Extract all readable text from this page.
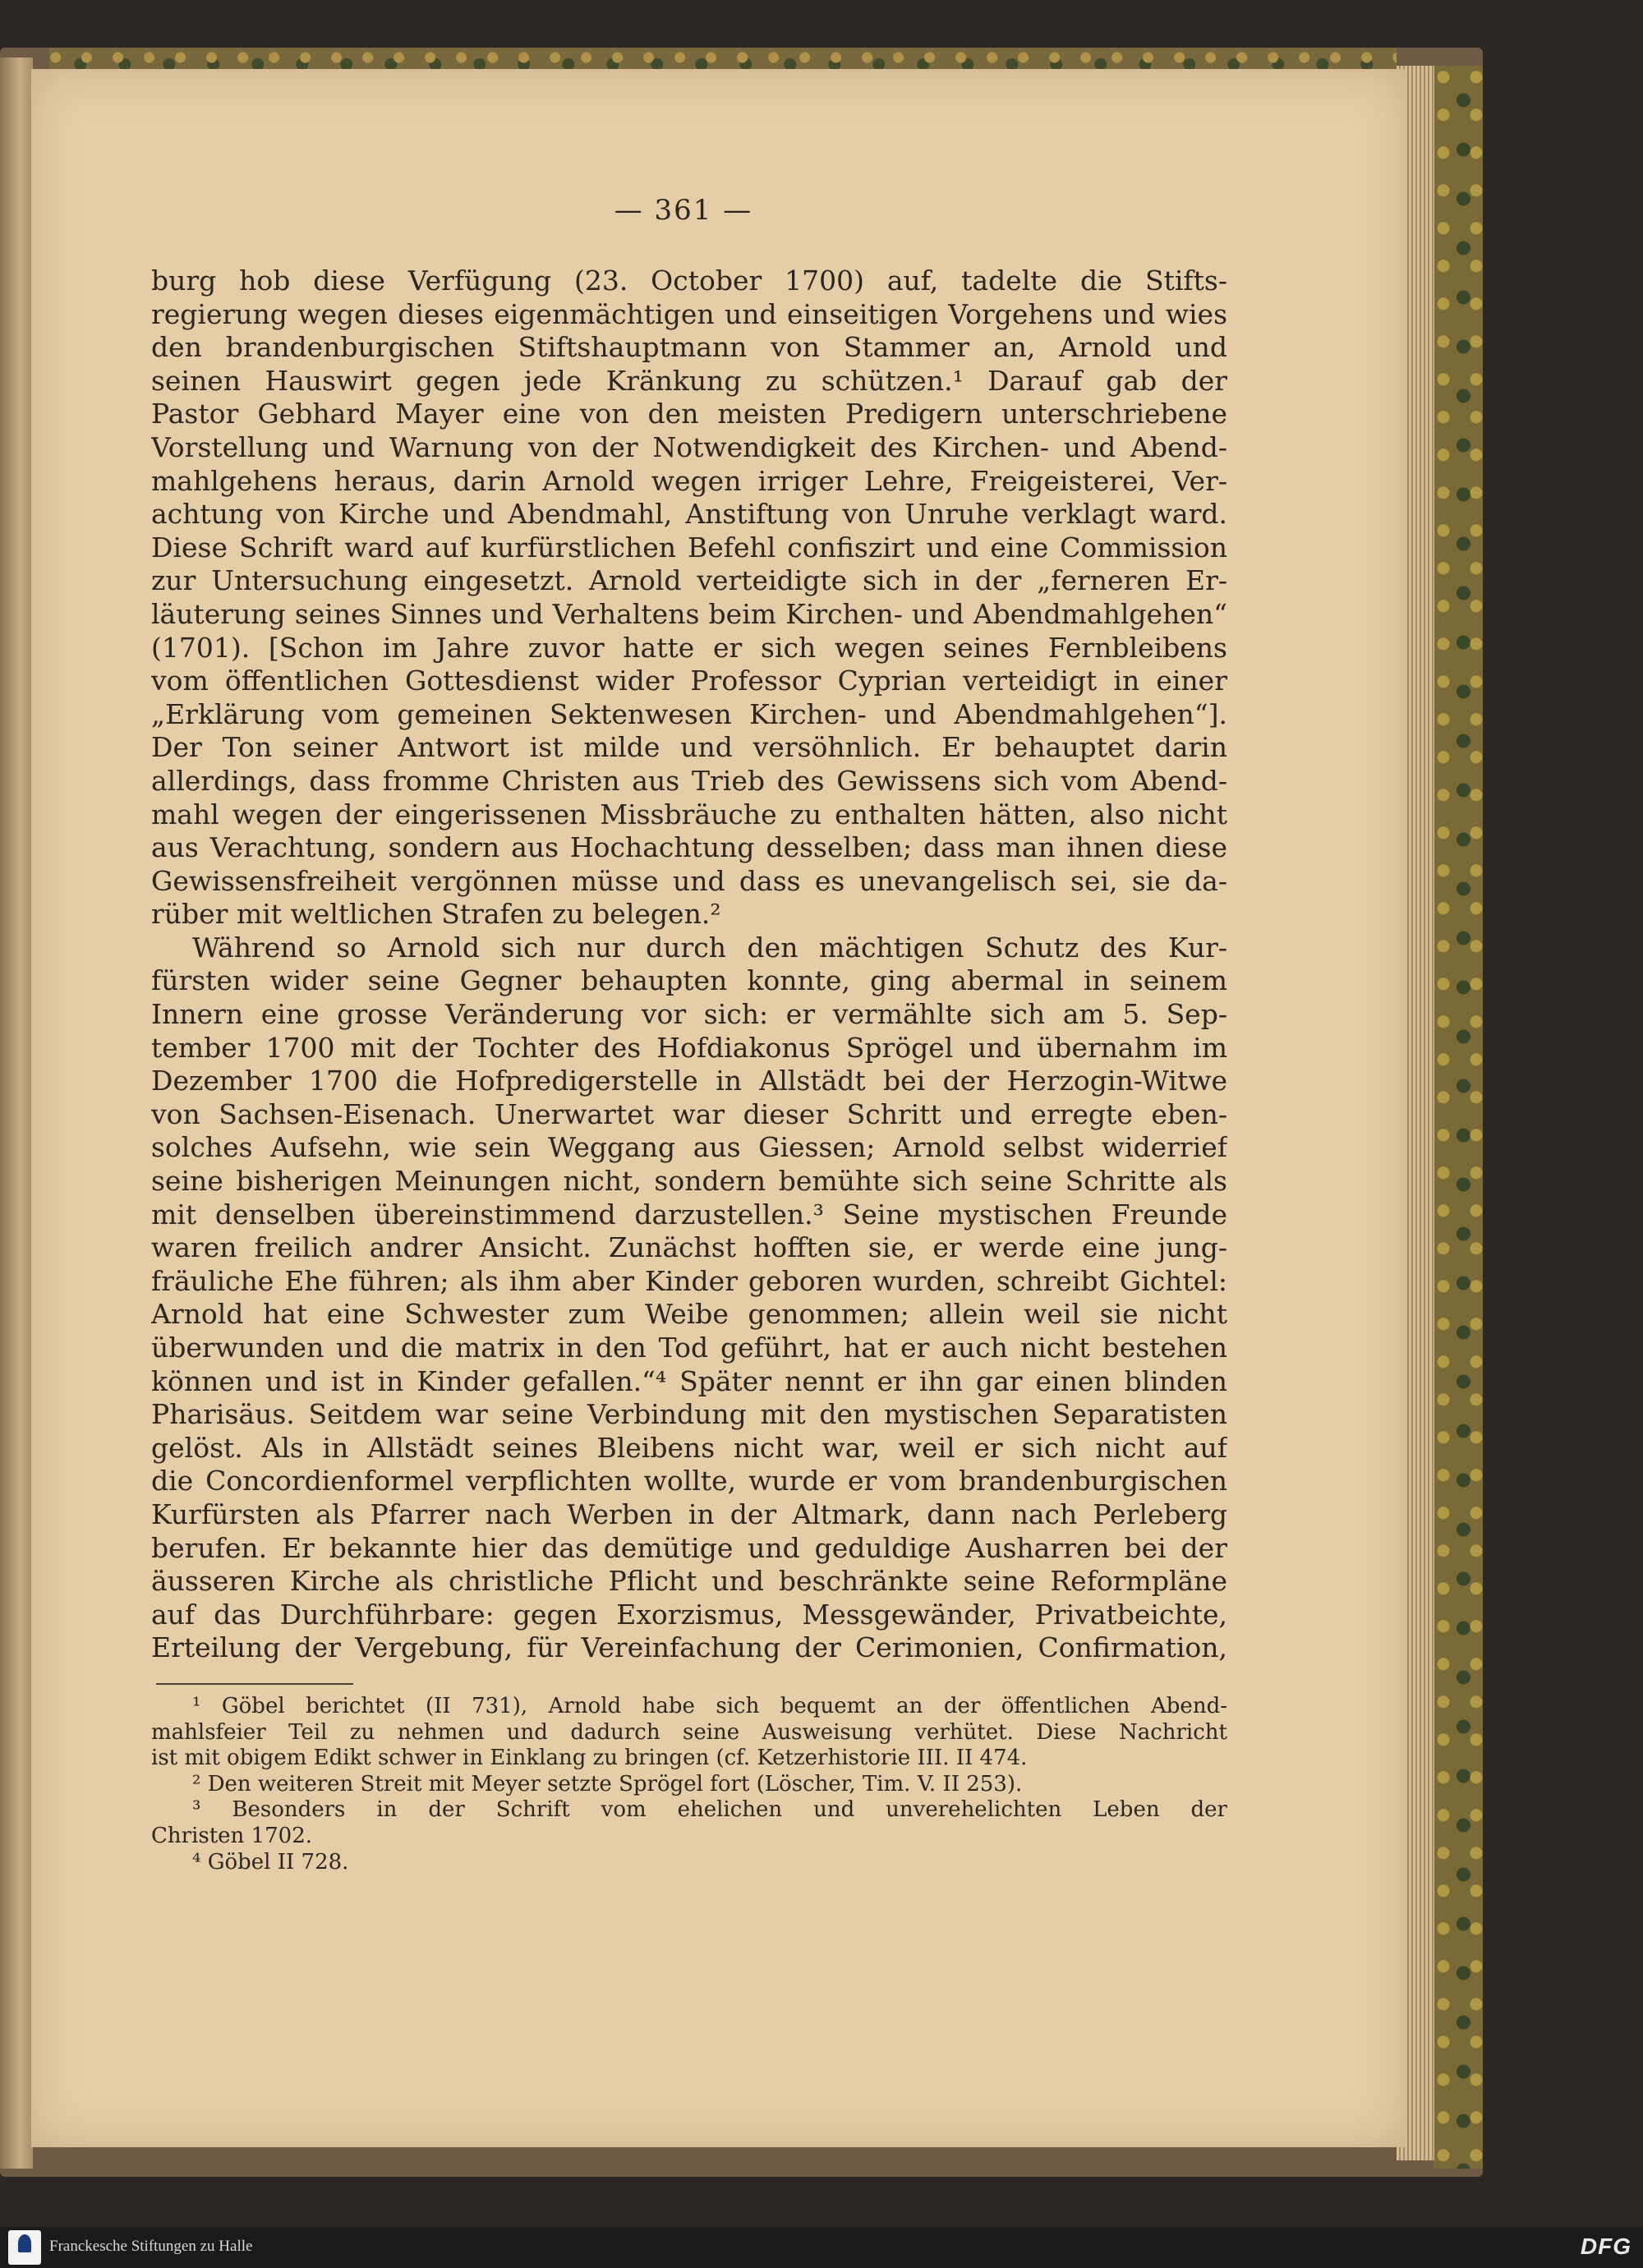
— 361 —
burg hob diese Verfügung (23. October 1700) auf, tadelte die Stifts-
regierung wegen dieses eigenmächtigen und einseitigen Vorgehens und wies
den brandenburgischen Stiftshauptmann von Stammer an, Arnold und
seinen Hauswirt gegen jede Kränkung zu schützen.¹ Darauf gab der
Pastor Gebhard Mayer eine von den meisten Predigern unterschriebene
Vorstellung und Warnung von der Notwendigkeit des Kirchen- und Abend-
mahlgehens heraus, darin Arnold wegen irriger Lehre, Freigeisterei, Ver-
achtung von Kirche und Abendmahl, Anstiftung von Unruhe verklagt ward.
Diese Schrift ward auf kurfürstlichen Befehl confiszirt und eine Commission
zur Untersuchung eingesetzt. Arnold verteidigte sich in der „ferneren Er-
läuterung seines Sinnes und Verhaltens beim Kirchen- und Abendmahlgehen“
(1701). [Schon im Jahre zuvor hatte er sich wegen seines Fernbleibens
vom öffentlichen Gottesdienst wider Professor Cyprian verteidigt in einer
„Erklärung vom gemeinen Sektenwesen Kirchen- und Abendmahlgehen“].
Der Ton seiner Antwort ist milde und versöhnlich. Er behauptet darin
allerdings, dass fromme Christen aus Trieb des Gewissens sich vom Abend-
mahl wegen der eingerissenen Missbräuche zu enthalten hätten, also nicht
aus Verachtung, sondern aus Hochachtung desselben; dass man ihnen diese
Gewissensfreiheit vergönnen müsse und dass es unevangelisch sei, sie da-
rüber mit weltlichen Strafen zu belegen.²
Während so Arnold sich nur durch den mächtigen Schutz des Kur-
fürsten wider seine Gegner behaupten konnte, ging abermal in seinem
Innern eine grosse Veränderung vor sich: er vermählte sich am 5. Sep-
tember 1700 mit der Tochter des Hofdiakonus Sprögel und übernahm im
Dezember 1700 die Hofpredigerstelle in Allstädt bei der Herzogin-Witwe
von Sachsen-Eisenach. Unerwartet war dieser Schritt und erregte eben-
solches Aufsehn, wie sein Weggang aus Giessen; Arnold selbst widerrief
seine bisherigen Meinungen nicht, sondern bemühte sich seine Schritte als
mit denselben übereinstimmend darzustellen.³ Seine mystischen Freunde
waren freilich andrer Ansicht. Zunächst hofften sie, er werde eine jung-
fräuliche Ehe führen; als ihm aber Kinder geboren wurden, schreibt Gichtel:
Arnold hat eine Schwester zum Weibe genommen; allein weil sie nicht
überwunden und die matrix in den Tod geführt, hat er auch nicht bestehen
können und ist in Kinder gefallen.“⁴ Später nennt er ihn gar einen blinden
Pharisäus. Seitdem war seine Verbindung mit den mystischen Separatisten
gelöst. Als in Allstädt seines Bleibens nicht war, weil er sich nicht auf
die Concordienformel verpflichten wollte, wurde er vom brandenburgischen
Kurfürsten als Pfarrer nach Werben in der Altmark, dann nach Perleberg
berufen. Er bekannte hier das demütige und geduldige Ausharren bei der
äusseren Kirche als christliche Pflicht und beschränkte seine Reformpläne
auf das Durchführbare: gegen Exorzismus, Messgewänder, Privatbeichte,
Erteilung der Vergebung, für Vereinfachung der Cerimonien, Confirmation,
¹ Göbel berichtet (II 731), Arnold habe sich bequemt an der öffentlichen Abend-
mahlsfeier Teil zu nehmen und dadurch seine Ausweisung verhütet. Diese Nachricht
ist mit obigem Edikt schwer in Einklang zu bringen (cf. Ketzerhistorie III. II 474.
² Den weiteren Streit mit Meyer setzte Sprögel fort (Löscher, Tim. V. II 253).
³ Besonders in der Schrift vom ehelichen und unverehelichten Leben der
Christen 1702.
⁴ Göbel II 728.
Franckesche Stiftungen zu Halle	DFG
